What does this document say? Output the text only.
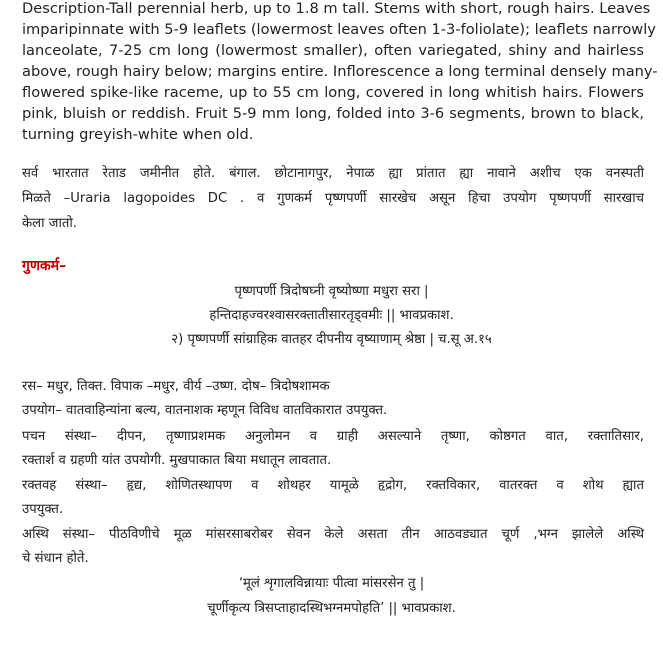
Description-Tall perennial herb, up to 1.8 m tall. Stems with short, rough hairs. Leaves
imparipinnate with 5-9 leaflets (lowermost leaves often 1-3-foliolate); leaflets narrowly
lanceolate, 7-25 cm long (lowermost smaller), often variegated, shiny and hairless
above, rough hairy below; margins entire. Inflorescence a long terminal densely many-
flowered spike-like raceme, up to 55 cm long, covered in long whitish hairs. Flowers
pink, bluish or reddish. Fruit 5-9 mm long, folded into 3-6 segments, brown to black,
turning greyish-white when old.
सर्व भारतात रेताड जमीनीत होते. बंगाल. छोटानागपुर, नेपाळ ह्या प्रांतात ह्या नावाने अशीच एक वनस्पती
मिळते –Uraria lagopoides DC . व गुणकर्म पृष्णपर्णी सारखेच असून हिचा उपयोग पृष्णपर्णी सारखाच
केला जातो.
गुणकर्म–
पृष्णपर्णी त्रिदोषघ्नी वृष्योष्णा मधुरा सरा |
हन्तिदाहज्वरश्वासरक्तातीसारतृड्वमीः || भावप्रकाश.
२) पृष्णपर्णी सांग्राहिक वातहर दीपनीय वृष्याणाम् श्रेष्ठा | च.सू अ.१५
रस– मधुर, तिक्त. विपाक –मधुर, वीर्य –उष्ण. दोष– त्रिदोषशामक
उपयोग– वातवाहिन्यांना बल्य, वातनाशक म्हणून विविध वातविकारात उपयुक्त.
पचन संस्था– दीपन, तृष्णाप्रशमक अनुलोमन व ग्राही असल्याने तृष्णा, कोष्ठगत वात, रक्तातिसार,
रक्तार्श व ग्रहणी यांत उपयोगी. मुखपाकात बिया मधातून लावतात.
रक्तवह संस्था– हृद्य, शोणितस्थापण व शोथहर यामूळे हृद्रोग, रक्तविकार, वातरक्त व शोथ ह्यात
उपयुक्त.
अस्थि संस्था– पीठविणीचे मूळ मांसरसाबरोबर सेवन केले असता तीन आठवड्यात चूर्ण ,भग्न झालेले अस्थि
चे संधान होते.
‘मूलं शृगालविन्नायाः पीत्वा मांसरसेन तु |
चूर्णीकृत्य त्रिसप्ताहादस्थिभग्नमपोहति’ || भावप्रकाश.
